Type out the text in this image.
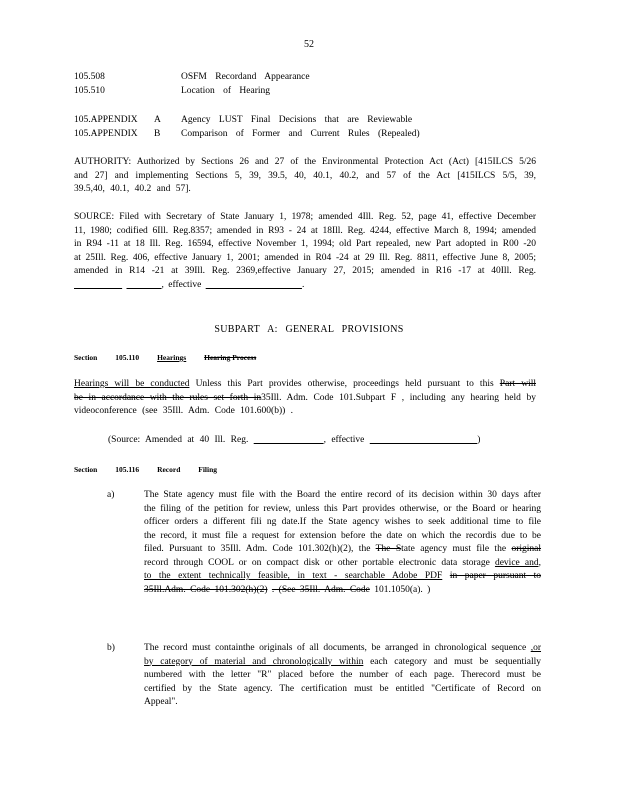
52
105.508	OSFM Recordand Appearance
105.510	Location of Hearing
105.APPENDIX	A	Agency LUST Final Decisions that are Reviewable
105.APPENDIX	B	Comparison of Former and Current Rules (Repealed)
AUTHORITY: Authorized by Sections 26 and 27 of the Environmental Protection Act (Act) [415ILCS 5/26 and 27] and implementing Sections 5, 39, 39.5, 40, 40.1, 40.2, and 57 of the Act [415ILCS 5/5, 39, 39.5,40, 40.1, 40.2 and 57].
SOURCE: Filed with Secretary of State January 1, 1978; amended 4Ill. Reg. 52, page 41, effective December 11, 1980; codified 6Ill. Reg.8357; amended in R93 - 24 at 18Ill. Reg. 4244, effective March 8, 1994; amended in R94 -11 at 18 Ill. Reg. 16594, effective November 1, 1994; old Part repealed, new Part adopted in R00 -20 at 25Ill. Reg. 406, effective January 1, 2001; amended in R04 -24 at 29 Ill. Reg. 8811, effective June 8, 2005; amended in R14 -21 at 39Ill. Reg. 2369,effective January 27, 2015; amended in R16 -17 at 40Ill. Reg.                     , effective	.
SUBPART A: GENERAL PROVISIONS
Section 105.110 Hearings Hearing Process
Hearings will be conducted Unless this Part provides otherwise, proceedings held pursuant to this Part will be in accordance with the rules set forth in35Ill. Adm. Code 101.Subpart F , including any hearing held by videoconference (see 35Ill. Adm. Code 101.600(b)) .
(Source: Amended at 40 Ill. Reg.	, effective	)
Section 105.116 Record Filing
a)	The State agency must file with the Board the entire record of its decision within 30 days after the filing of the petition for review, unless this Part provides otherwise, or the Board or hearing officer orders a different fili ng date.If the State agency wishes to seek additional time to file the record, it must file a request for extension before the date on which the recordis due to be filed. Pursuant to 35Ill. Adm. Code 101.302(h)(2), the The State agency must file the original record through COOL or on compact disk or other portable electronic data storage device and, to the extent technically feasible, in text - searchable Adobe PDF in paper pursuant to 35Ill.Adm. Code 101.302(h)(2) . (See 35Ill. Adm. Code 101.1050(a). )
b)	The record must containthe originals of all documents, be arranged in chronological sequence ,or by category of material and chronologically within each category and must be sequentially numbered with the letter "R" placed before the number of each page. Therecord must be certified by the State agency. The certification must be entitled "Certificate of Record on Appeal".
